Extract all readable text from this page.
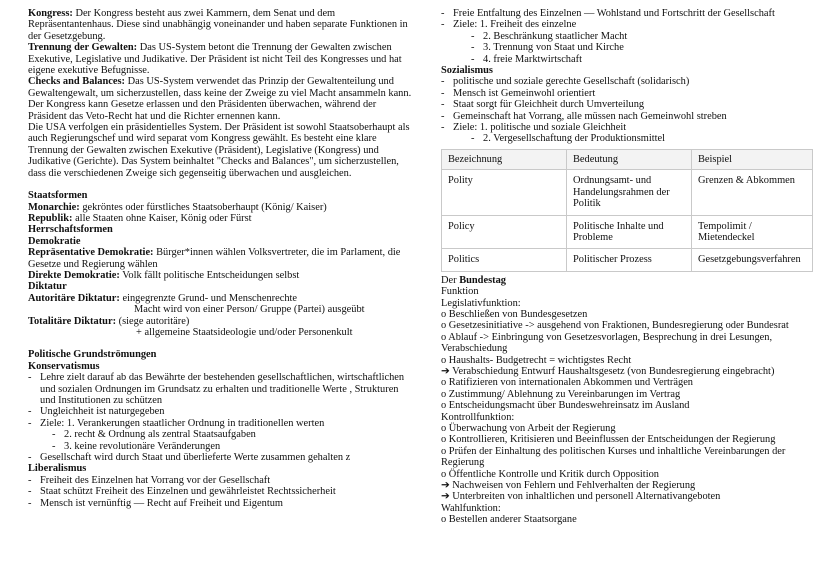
Kongress: Der Kongress besteht aus zwei Kammern, dem Senat und dem Repräsentantenhaus. Diese sind unabhängig voneinander und haben separate Funktionen in der Gesetzgebung.

Trennung der Gewalten: Das US-System betont die Trennung der Gewalten zwischen Exekutive, Legislative und Judikative. Der Präsident ist nicht Teil des Kongresses und hat eigene exekutive Befugnisse.

Checks and Balances: Das US-System verwendet das Prinzip der Gewaltenteilung und Gewaltengewalt, um sicherzustellen, dass keine der Zweige zu viel Macht ansammeln kann. Der Kongress kann Gesetze erlassen und den Präsidenten überwachen, während der Präsident das Veto-Recht hat und die Richter ernennen kann.

Die USA verfolgen ein präsidentielles System. Der Präsident ist sowohl Staatsoberhaupt als auch Regierungschef und wird separat vom Kongress gewählt. Es besteht eine klare Trennung der Gewalten zwischen Exekutive (Präsident), Legislative (Kongress) und Judikative (Gerichte). Das System beinhaltet "Checks and Balances", um sicherzustellen, dass die verschiedenen Zweige sich gegenseitig überwachen und ausgleichen.

Staatsformen

Monarchie: gekröntes oder fürstliches Staatsoberhaupt (König/ Kaiser)

Republik: alle Staaten ohne Kaiser, König oder Fürst

Herrschaftsformen

Demokratie

Repräsentative Demokratie: Bürger*innen wählen Volksvertreter, die im Parlament, die Gesetze und Regierung wählen

Direkte Demokratie: Volk fällt politische Entscheidungen selbst

Diktatur

Autoritäre Diktatur: eingegrenzte Grund- und Menschenrechte

Macht wird von einer Person/ Gruppe (Partei) ausgeübt

Totalitäre Diktatur: (siege autoritäre)

+ allgemeine Staatsideologie und/oder Personenkult

Politische Grundströmungen

Konservatismus

- Lehre zielt darauf ab das Bewährte der bestehenden gesellschaftlichen, wirtschaftlichen und sozialen Ordnungen im Grundsatz zu erhalten und traditionelle Werte , Strukturen und Institutionen zu schützen
- Ungleichheit ist naturgegeben
- Ziele: 1. Verankerungen staatlicher Ordnung in traditionellen werten
- 2. recht & Ordnung als zentral Staatsaufgaben
- 3. keine revolutionäre Veränderungen
- Gesellschaft wird durch Staat und überlieferte Werte zusammen gehalten z

Liberalismus

- Freiheit des Einzelnen hat Vorrang vor der Gesellschaft
- Staat schützt Freiheit des Einzelnen und gewährleistet Rechtssicherheit
- Mensch ist vernünftig — Recht auf Freiheit und Eigentum
- Freie Entfaltung des Einzelnen — Wohlstand und Fortschritt der Gesellschaft
- Ziele: 1. Freiheit des einzelne
- 2. Beschränkung staatlicher Macht
- 3. Trennung von Staat und Kirche
- 4. freie Marktwirtschaft

Sozialismus

- politische und soziale gerechte Gesellschaft (solidarisch)
- Mensch ist Gemeinwohl orientiert
- Staat sorgt für Gleichheit durch Umverteilung
- Gemeinschaft hat Vorrang, alle müssen nach Gemeinwohl streben
- Ziele: 1. politische und soziale Gleichheit
- 2. Vergesellschaftung der Produktionsmittel
Bezeichnung	Bedeutung	Beispiel
Polity	Ordnungsamt- und Handelungsrahmen der Politik	Grenzen & Abkommen
Policy	Politische Inhalte und Probleme	Tempolimit / Mietendeckel
Politics	Politischer Prozess	Gesetzgebungsverfahren

Der Bundestag

Funktion

Legislativfunktion:

o Beschließen von Bundesgesetzen

o Gesetzesinitiative -> ausgehend von Fraktionen, Bundesregierung oder Bundesrat

o Ablauf -> Einbringung von Gesetzesvorlagen, Besprechung in drei Lesungen, Verabschiedung

o Haushalts- Budgetrecht = wichtigstes Recht

➔ Verabschiedung Entwurf Haushaltsgesetz (von Bundesregierung eingebracht)

o Ratifizieren von internationalen Abkommen und Verträgen

o Zustimmung/ Ablehnung zu Vereinbarungen im Vertrag

o Entscheidungsmacht über Bundeswehreinsatz im Ausland

Kontrollfunktion:

o Überwachung von Arbeit der Regierung

o Kontrollieren, Kritisieren und Beeinflussen der Entscheidungen der Regierung

o Prüfen der Einhaltung des politischen Kurses und inhaltliche Vereinbarungen der Regierung

o Öffentliche Kontrolle und Kritik durch Opposition

➔ Nachweisen von Fehlern und Fehlverhalten der Regierung

➔ Unterbreiten von inhaltlichen und personell Alternativangeboten

Wahlfunktion:

o Bestellen anderer Staatsorgane
